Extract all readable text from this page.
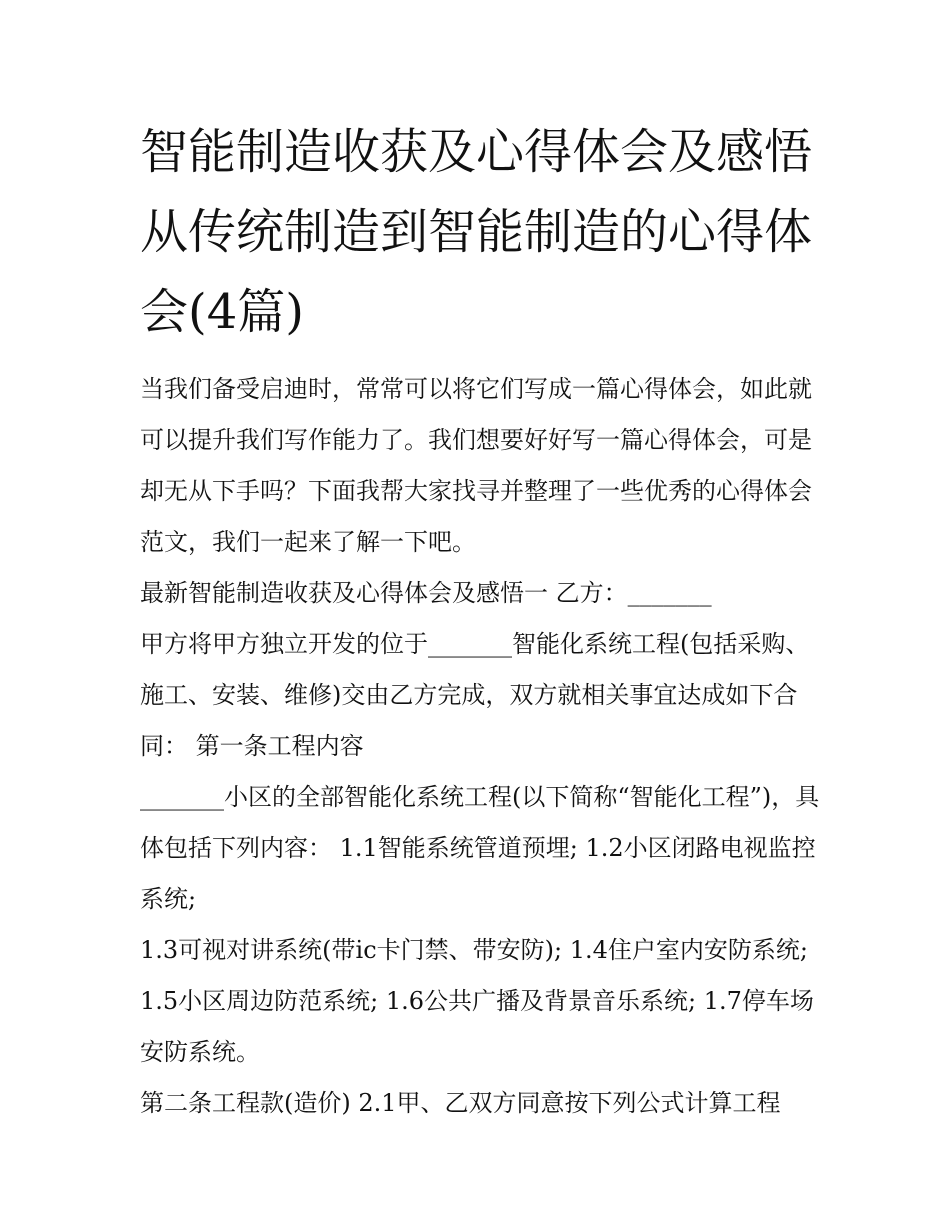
智能制造收获及心得体会及感悟 从传统制造到智能制造的心得体会(4篇)

当我们备受启迪时，常常可以将它们写成一篇心得体会，如此就可以提升我们写作能力了。我们想要好好写一篇心得体会，可是却无从下手吗？下面我帮大家找寻并整理了一些优秀的心得体会范文，我们一起来了解一下吧。

最新智能制造收获及心得体会及感悟一 乙方：_______

甲方将甲方独立开发的位于_______智能化系统工程(包括采购、施工、安装、维修)交由乙方完成，双方就相关事宜达成如下合同： 第一条工程内容

_______小区的全部智能化系统工程(以下简称“智能化工程”)，具体包括下列内容： 1.1智能系统管道预埋; 1.2小区闭路电视监控系统;

1.3可视对讲系统(带ic卡门禁、带安防); 1.4住户室内安防系统; 1.5小区周边防范系统; 1.6公共广播及背景音乐系统; 1.7停车场安防系统。

第二条工程款(造价) 2.1甲、乙双方同意按下列公式计算工程
